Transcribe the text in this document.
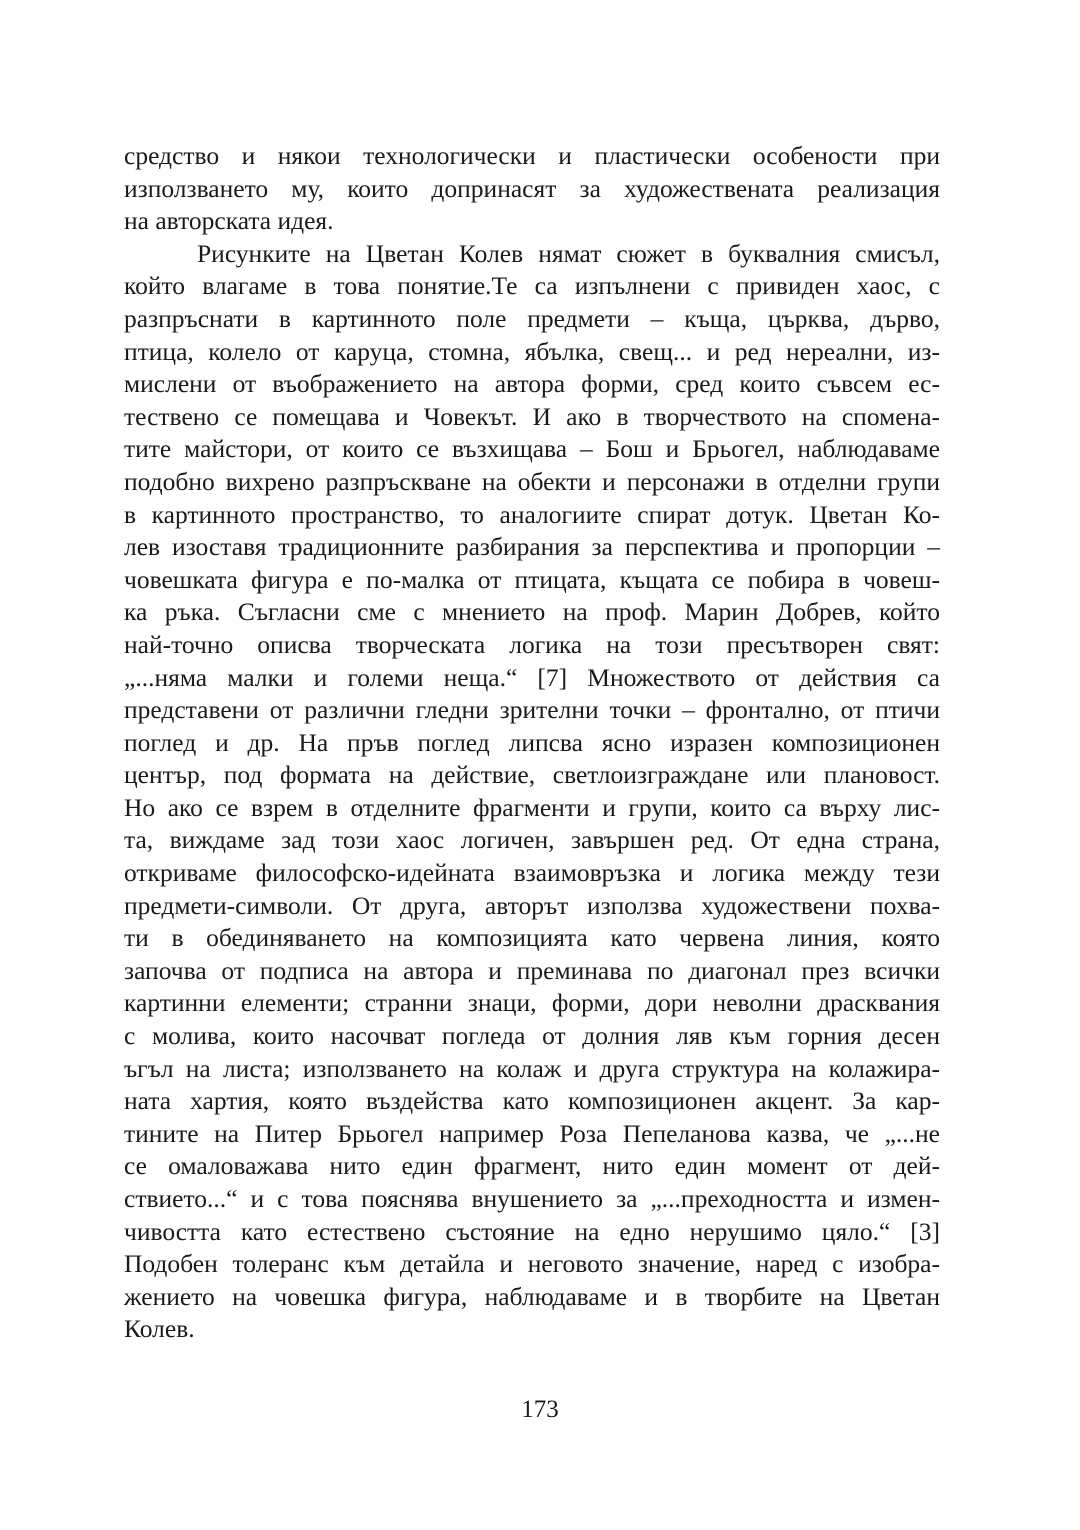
средство и някои технологически и пластически особености при
използването му, които допринасят за художествената реализация
на авторската идея.
Рисунките на Цветан Колев нямат сюжет в буквалния смисъл,
който влагаме в това понятие.Те са изпълнени с привиден хаос, с
разпръснати в картинното поле предмети – къща, църква, дърво,
птица, колело от каруца, стомна, ябълка, свещ... и ред нереални, из-
мислени от въображението на автора форми, сред които съвсем ес-
тествено се помещава и Човекът. И ако в творчеството на спомена-
тите майстори, от които се възхищава – Бош и Брьогел, наблюдаваме
подобно вихрено разпръскване на обекти и персонажи в отделни групи
в картинното пространство, то аналогиите спират дотук. Цветан Ко-
лев изоставя традиционните разбирания за перспектива и пропорции –
човешката фигура е по-малка от птицата, къщата се побира в човеш-
ка ръка. Съгласни сме с мнението на проф. Марин Добрев, който
най-точно описва творческата логика на този пресътворен свят:
„...няма малки и големи неща.“ [7] Множеството от действия са
представени от различни гледни зрителни точки – фронтално, от птичи
поглед и др. На пръв поглед липсва ясно изразен композиционен
център, под формата на действие, светлоизграждане или плановост.
Но ако се взрем в отделните фрагменти и групи, които са върху лис-
та, виждаме зад този хаос логичен, завършен ред. От една страна,
откриваме философско-идейната взаимовръзка и логика между тези
предмети-символи. От друга, авторът използва художествени похва-
ти в обединяването на композицията като червена линия, която
започва от подписа на автора и преминава по диагонал през всички
картинни елементи; странни знаци, форми, дори неволни драсквания
с молива, които насочват погледа от долния ляв към горния десен
ъгъл на листа; използването на колаж и друга структура на колажира-
ната хартия, която въздейства като композиционен акцент. За кар-
тините на Питер Брьогел например Роза Пепеланова казва, че „...не
се омаловажава нито един фрагмент, нито един момент от дей-
ствието...“ и с това пояснява внушението за „...преходността и измен-
чивостта като естествено състояние на едно нерушимо цяло.“ [3]
Подобен толеранс към детайла и неговото значение, наред с изобра-
жението на човешка фигура, наблюдаваме и в творбите на Цветан
Колев.
173
